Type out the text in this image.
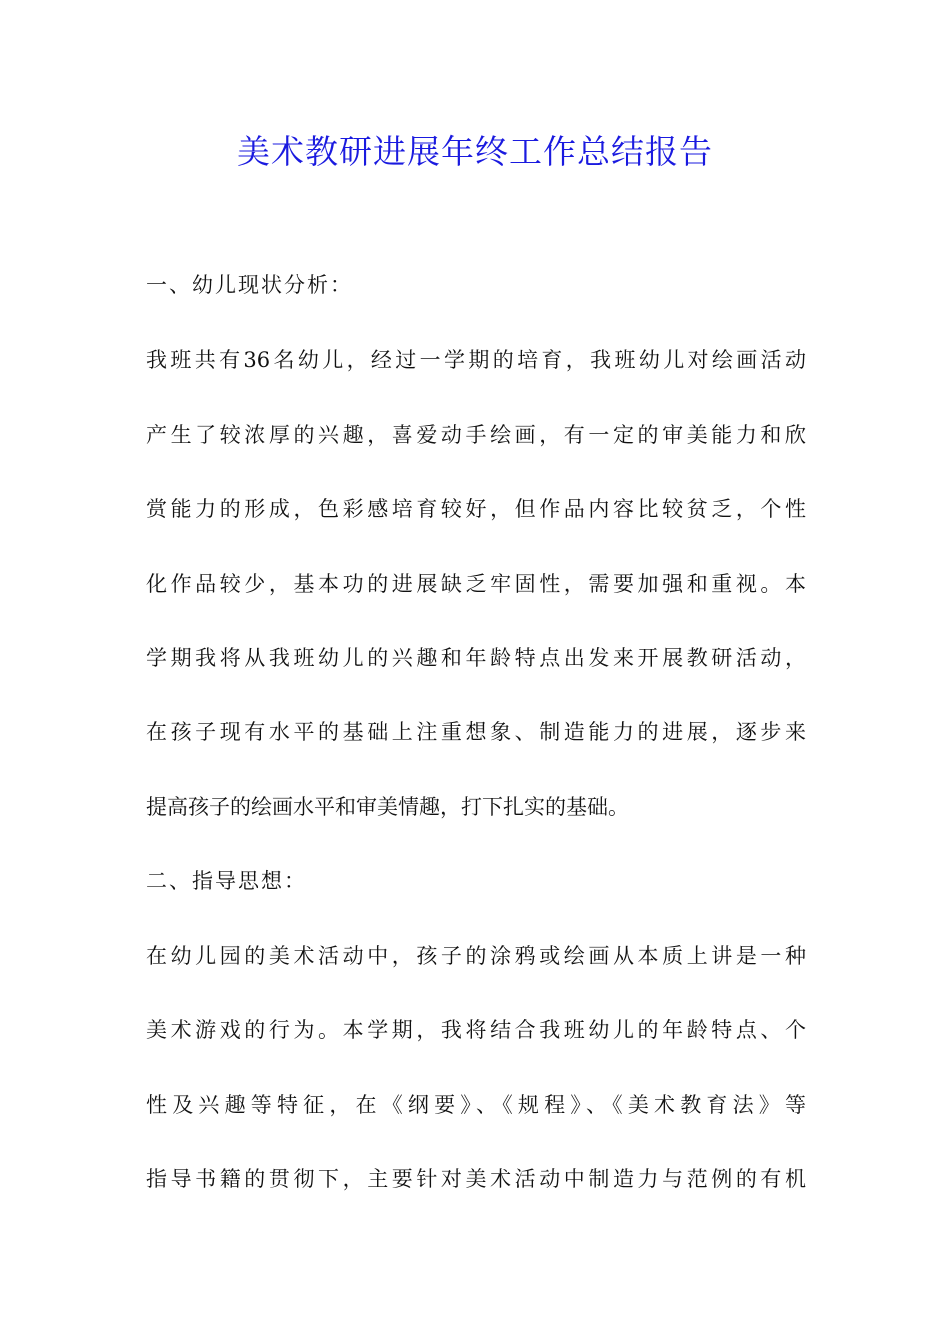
美术教研进展年终工作总结报告
一、幼儿现状分析：
我班共有36名幼儿，经过一学期的培育，我班幼儿对绘画活动
产生了较浓厚的兴趣，喜爱动手绘画，有一定的审美能力和欣
赏能力的形成，色彩感培育较好，但作品内容比较贫乏，个性
化作品较少，基本功的进展缺乏牢固性，需要加强和重视。本
学期我将从我班幼儿的兴趣和年龄特点出发来开展教研活动，
在孩子现有水平的基础上注重想象、制造能力的进展，逐步来
提高孩子的绘画水平和审美情趣，打下扎实的基础。
二、指导思想：
在幼儿园的美术活动中，孩子的涂鸦或绘画从本质上讲是一种
美术游戏的行为。本学期，我将结合我班幼儿的年龄特点、个
性及兴趣等特征，在《纲要》、《规程》、《美术教育法》等
指导书籍的贯彻下，主要针对美术活动中制造力与范例的有机
